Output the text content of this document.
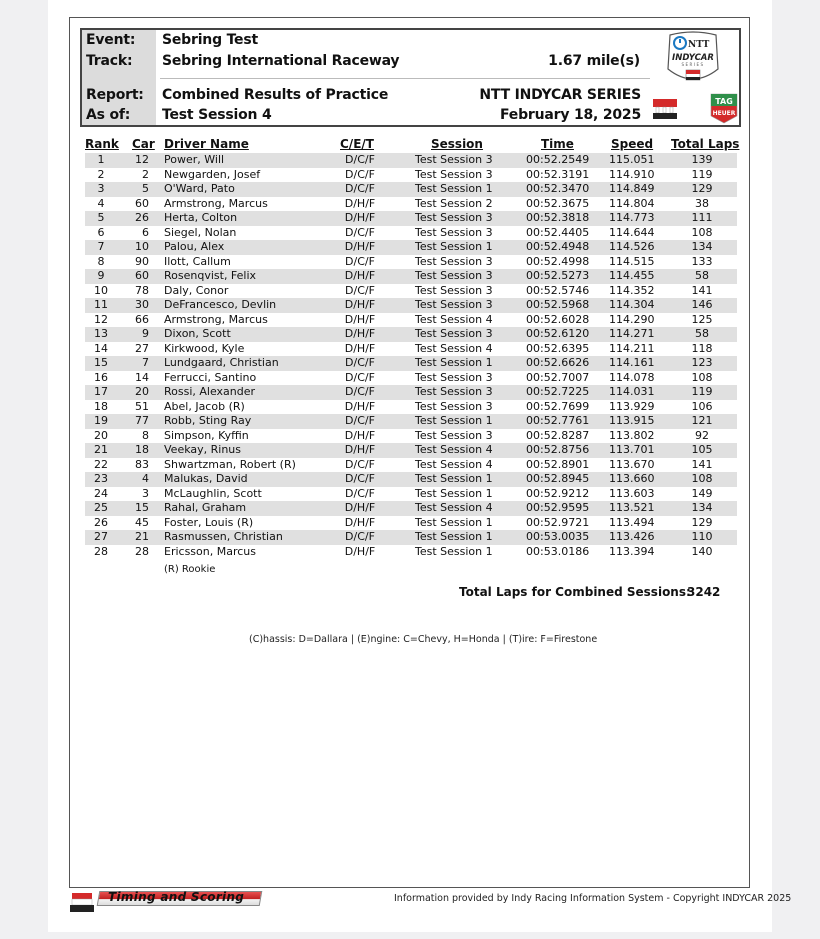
Event: Sebring Test
Track: Sebring International Raceway	1.67 mile(s)
Report: Combined Results of Practice	NTT INDYCAR SERIES
As of: Test Session 4	February 18, 2025
NTT
INDYCAR
SERIES
TAG
HEUER
Rank Car Driver Name	C/E/T	Session	Time	Speed Total Laps
1	12 Power, Will	D/C/F	Test Session 3	00:52.2549 115.051	139
2	2 Newgarden, Josef	D/C/F	Test Session 3	00:52.3191 114.910	119
3	5 O'Ward, Pato	D/C/F	Test Session 1	00:52.3470 114.849	129
4	60 Armstrong, Marcus	D/H/F	Test Session 2	00:52.3675 114.804	38
5	26 Herta, Colton	D/H/F	Test Session 3	00:52.3818 114.773	111
6	6 Siegel, Nolan	D/C/F	Test Session 3	00:52.4405 114.644	108
7	10 Palou, Alex	D/H/F	Test Session 1	00:52.4948 114.526	134
8	90 Ilott, Callum	D/C/F	Test Session 3	00:52.4998 114.515	133
9	60 Rosenqvist, Felix	D/H/F	Test Session 3	00:52.5273 114.455	58
10	78 Daly, Conor	D/C/F	Test Session 3	00:52.5746 114.352	141
11	30 DeFrancesco, Devlin	D/H/F	Test Session 3	00:52.5968 114.304	146
12	66 Armstrong, Marcus	D/H/F	Test Session 4	00:52.6028 114.290	125
13	9 Dixon, Scott	D/H/F	Test Session 3	00:52.6120 114.271	58
14	27 Kirkwood, Kyle	D/H/F	Test Session 4	00:52.6395 114.211	118
15	7 Lundgaard, Christian	D/C/F	Test Session 1	00:52.6626 114.161	123
16	14 Ferrucci, Santino	D/C/F	Test Session 3	00:52.7007 114.078	108
17	20 Rossi, Alexander	D/C/F	Test Session 3	00:52.7225 114.031	119
18	51 Abel, Jacob (R)	D/H/F	Test Session 3	00:52.7699 113.929	106
19	77 Robb, Sting Ray	D/C/F	Test Session 1	00:52.7761 113.915	121
20	8 Simpson, Kyffin	D/H/F	Test Session 3	00:52.8287 113.802	92
21	18 Veekay, Rinus	D/H/F	Test Session 4	00:52.8756 113.701	105
22	83 Shwartzman, Robert (R)	D/C/F	Test Session 4	00:52.8901 113.670	141
23	4 Malukas, David	D/C/F	Test Session 1	00:52.8945 113.660	108
24	3 McLaughlin, Scott	D/C/F	Test Session 1	00:52.9212 113.603	149
25	15 Rahal, Graham	D/H/F	Test Session 4	00:52.9595 113.521	134
26	45 Foster, Louis (R)	D/H/F	Test Session 1	00:52.9721 113.494	129
27	21 Rasmussen, Christian	D/C/F	Test Session 1	00:53.0035 113.426	110
28	28 Ericsson, Marcus	D/H/F	Test Session 1	00:53.0186 113.394	140
(R) Rookie
Total Laps for Combined Sessions:
3242
(C)hassis: D=Dallara | (E)ngine: C=Chevy, H=Honda | (T)ire: F=Firestone
Timing and Scoring	Information provided by Indy Racing Information System - Copyright INDYCAR 2025
